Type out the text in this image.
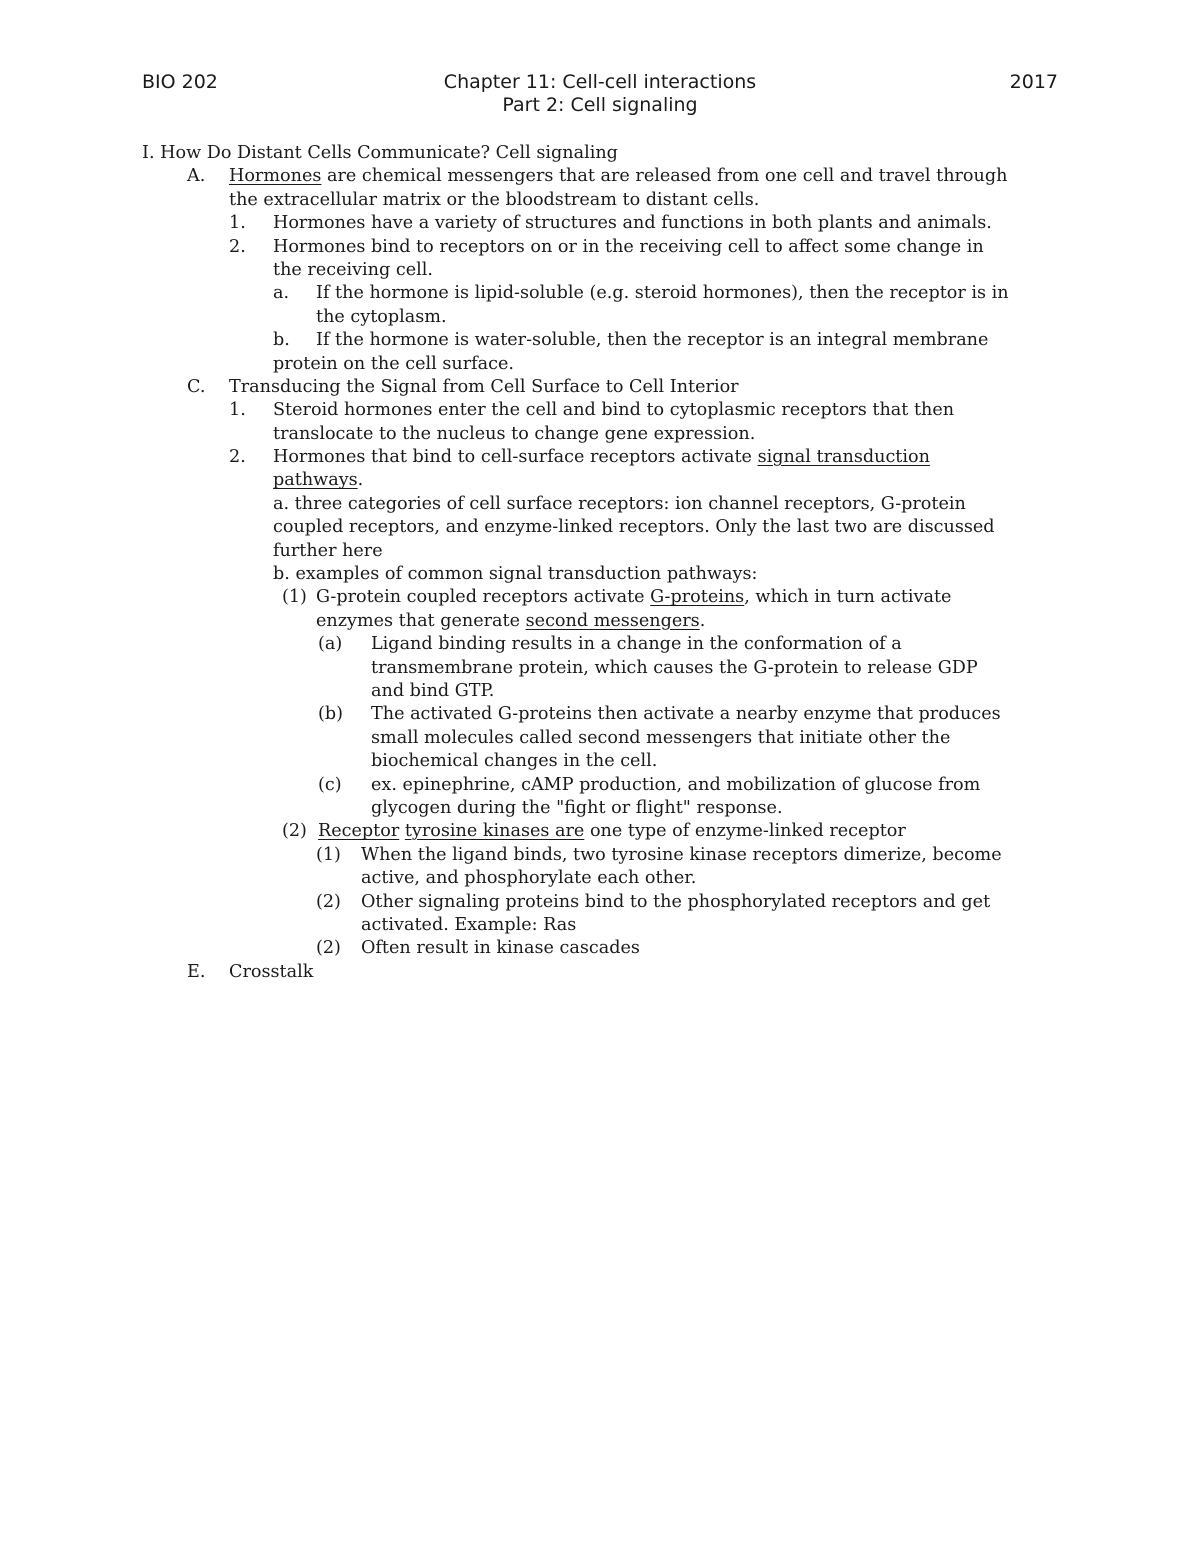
BIO 202	Chapter 11: Cell-cell interactions
Part 2: Cell signaling
2017
I. How Do Distant Cells Communicate? Cell signaling
A. Hormones are chemical messengers that are released from one cell and travel through
the extracellular matrix or the bloodstream to distant cells.
1. Hormones have a variety of structures and functions in both plants and animals.
2. Hormones bind to receptors on or in the receiving cell to affect some change in
the receiving cell.
a. If the hormone is lipid-soluble (e.g. steroid hormones), then the receptor is in
the cytoplasm.
b. If the hormone is water-soluble, then the receptor is an integral membrane
protein on the cell surface.
C. Transducing the Signal from Cell Surface to Cell Interior
1. Steroid hormones enter the cell and bind to cytoplasmic receptors that then
translocate to the nucleus to change gene expression.
2. Hormones that bind to cell-surface receptors activate signal transduction
pathways.
a. three categories of cell surface receptors: ion channel receptors, G-protein
coupled receptors, and enzyme-linked receptors. Only the last two are discussed
further here
b. examples of common signal transduction pathways:
(1) G-protein coupled receptors activate G-proteins, which in turn activate
enzymes that generate second messengers.
(a) Ligand binding results in a change in the conformation of a
transmembrane protein, which causes the G-protein to release GDP
and bind GTP.
(b) The activated G-proteins then activate a nearby enzyme that produces
small molecules called second messengers that initiate other the
biochemical changes in the cell.
(c) ex. epinephrine, cAMP production, and mobilization of glucose from
glycogen during the "fight or flight" response.
(2) Receptor tyrosine kinases are one type of enzyme-linked receptor
(1) When the ligand binds, two tyrosine kinase receptors dimerize, become
active, and phosphorylate each other.
(2) Other signaling proteins bind to the phosphorylated receptors and get
activated. Example: Ras
(2) Often result in kinase cascades
E. Crosstalk
